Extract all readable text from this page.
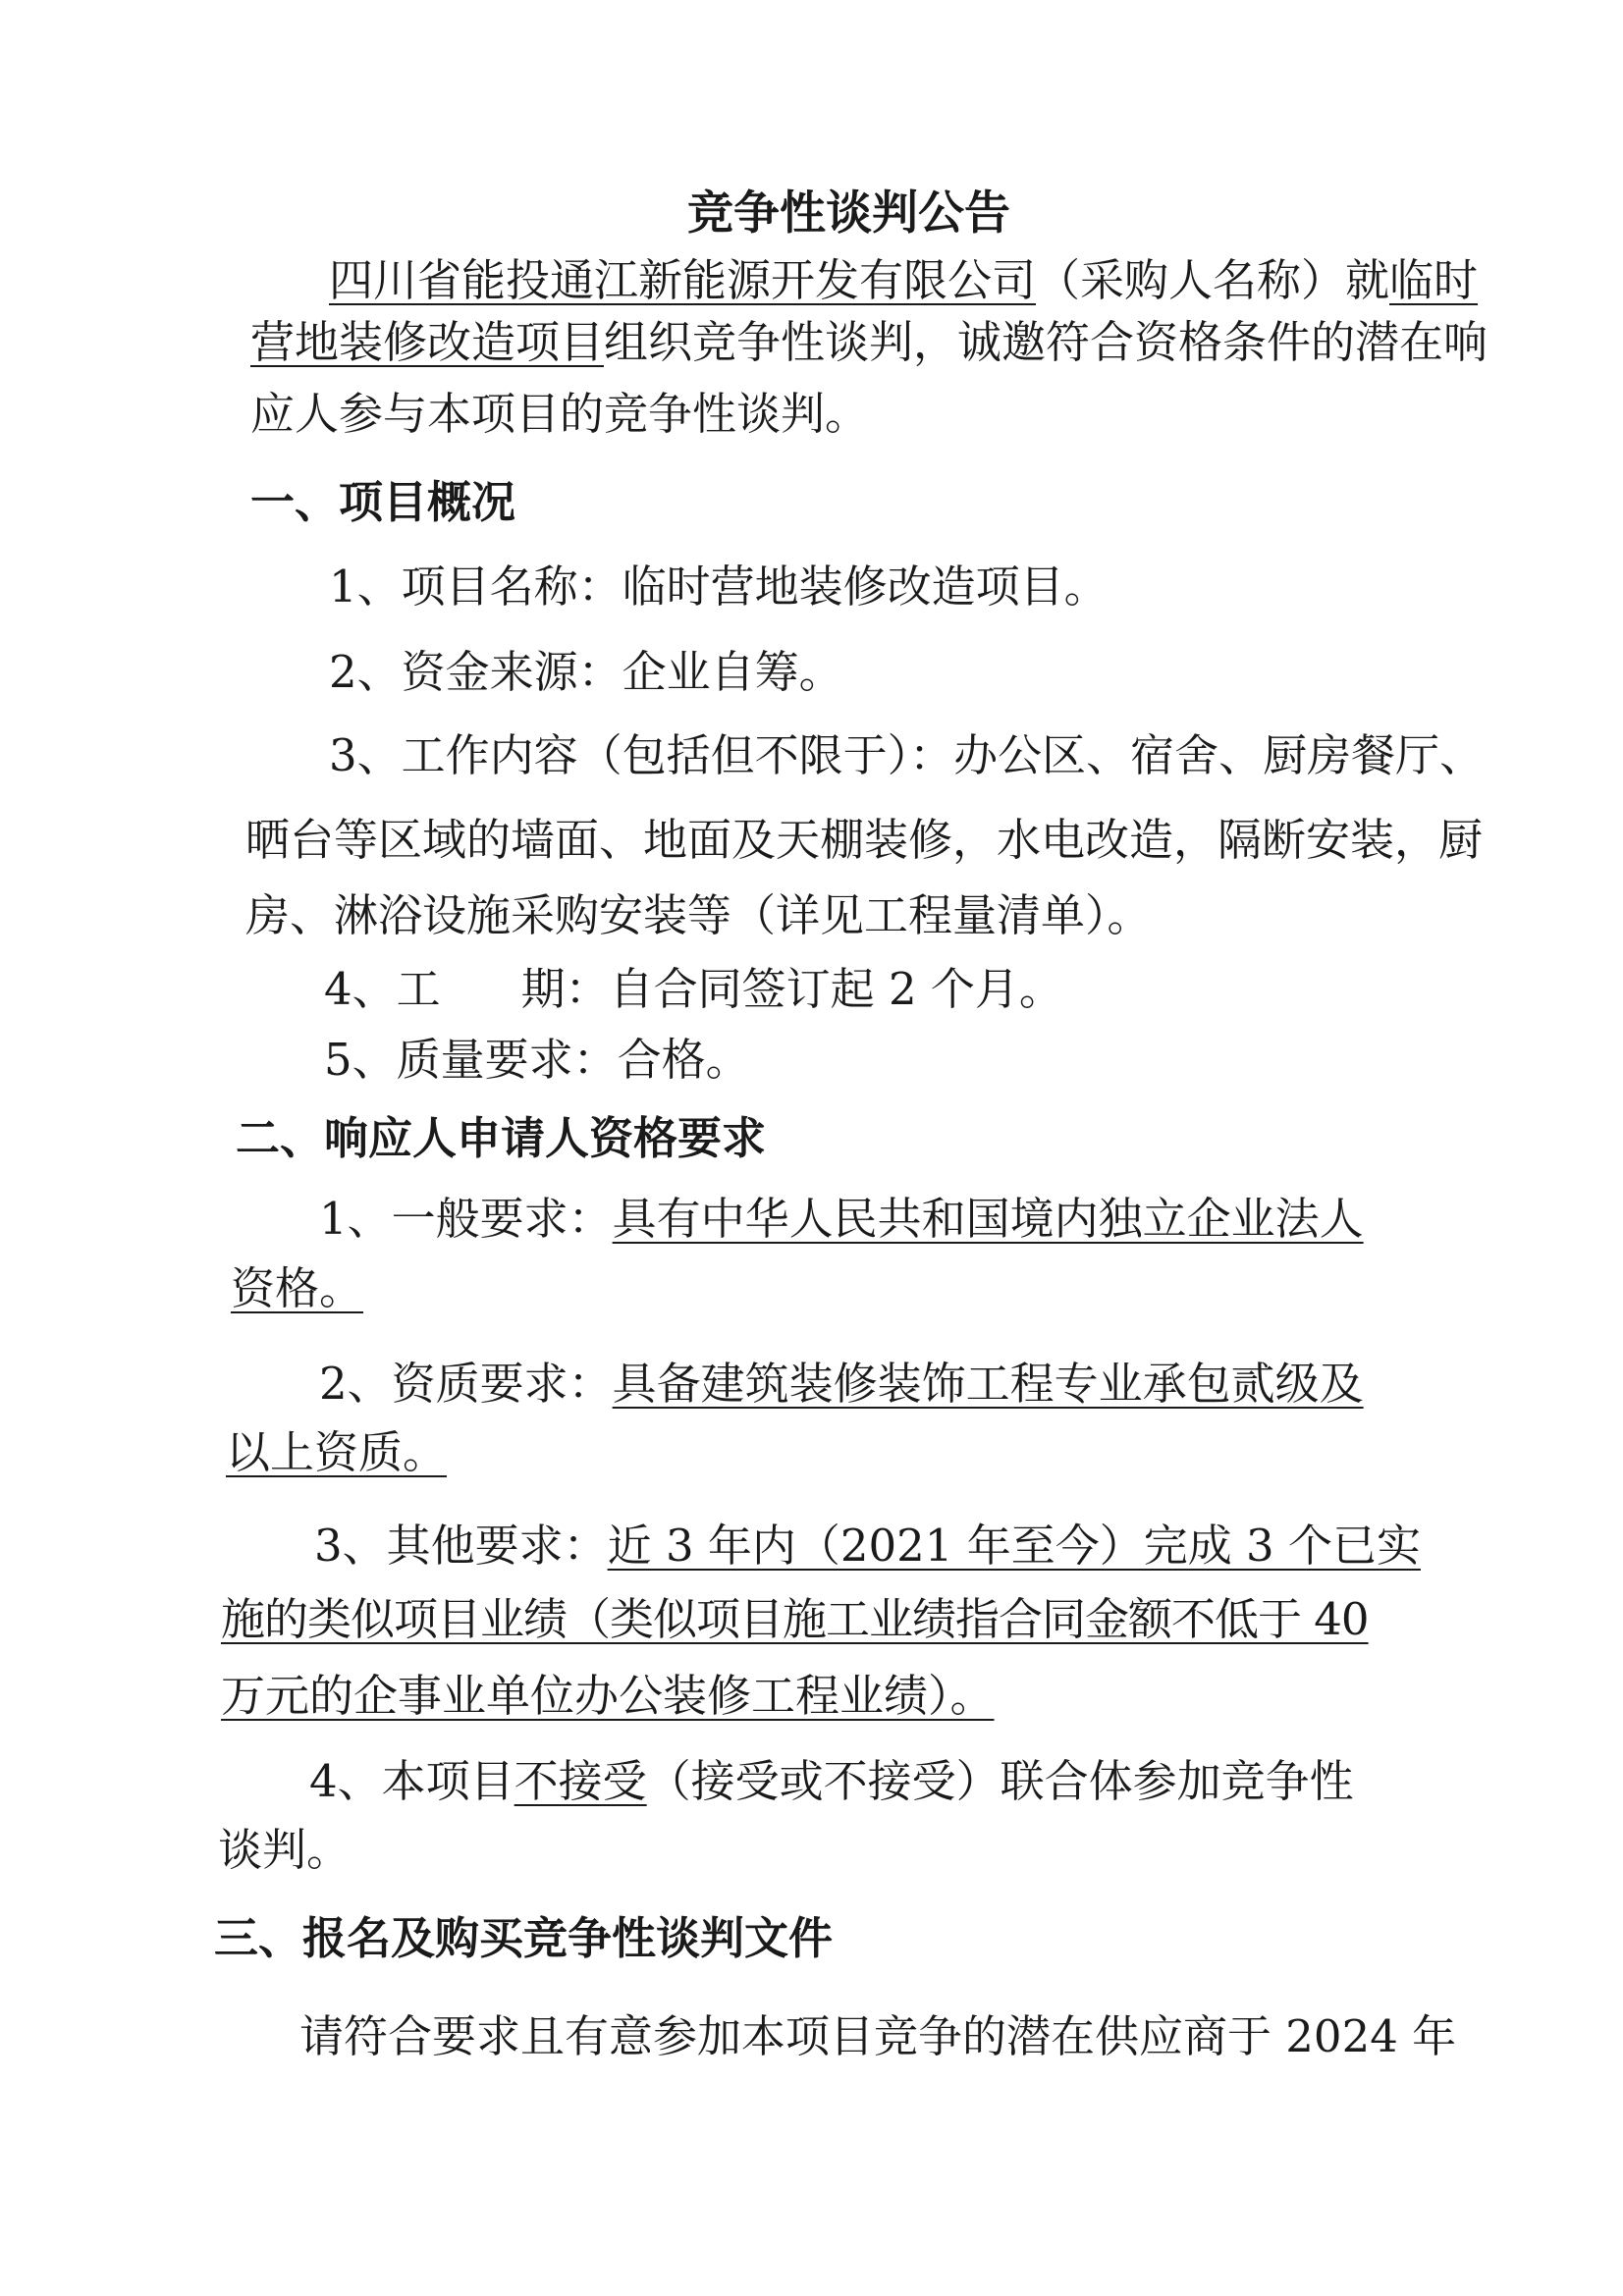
竞争性谈判公告
四川省能投通江新能源开发有限公司（采购人名称）就临时
营地装修改造项目组织竞争性谈判，诚邀符合资格条件的潜在响
应人参与本项目的竞争性谈判。
一、项目概况
1、项目名称：临时营地装修改造项目。
2、资金来源：企业自筹。
3、工作内容（包括但不限于）：办公区、宿舍、厨房餐厅、
晒台等区域的墙面、地面及天棚装修，水电改造，隔断安装，厨
房、淋浴设施采购安装等（详见工程量清单）。
4、工 期：自合同签订起 2 个月。
5、质量要求：合格。
二、响应人申请人资格要求
1、一般要求：具有中华人民共和国境内独立企业法人
资格。
2、资质要求：具备建筑装修装饰工程专业承包贰级及
以上资质。
3、其他要求：近 3 年内（2021 年至今）完成 3 个已实
施的类似项目业绩（类似项目施工业绩指合同金额不低于 40
万元的企事业单位办公装修工程业绩）。
4、本项目不接受（接受或不接受）联合体参加竞争性
谈判。
三、报名及购买竞争性谈判文件
请符合要求且有意参加本项目竞争的潜在供应商于 2024 年
